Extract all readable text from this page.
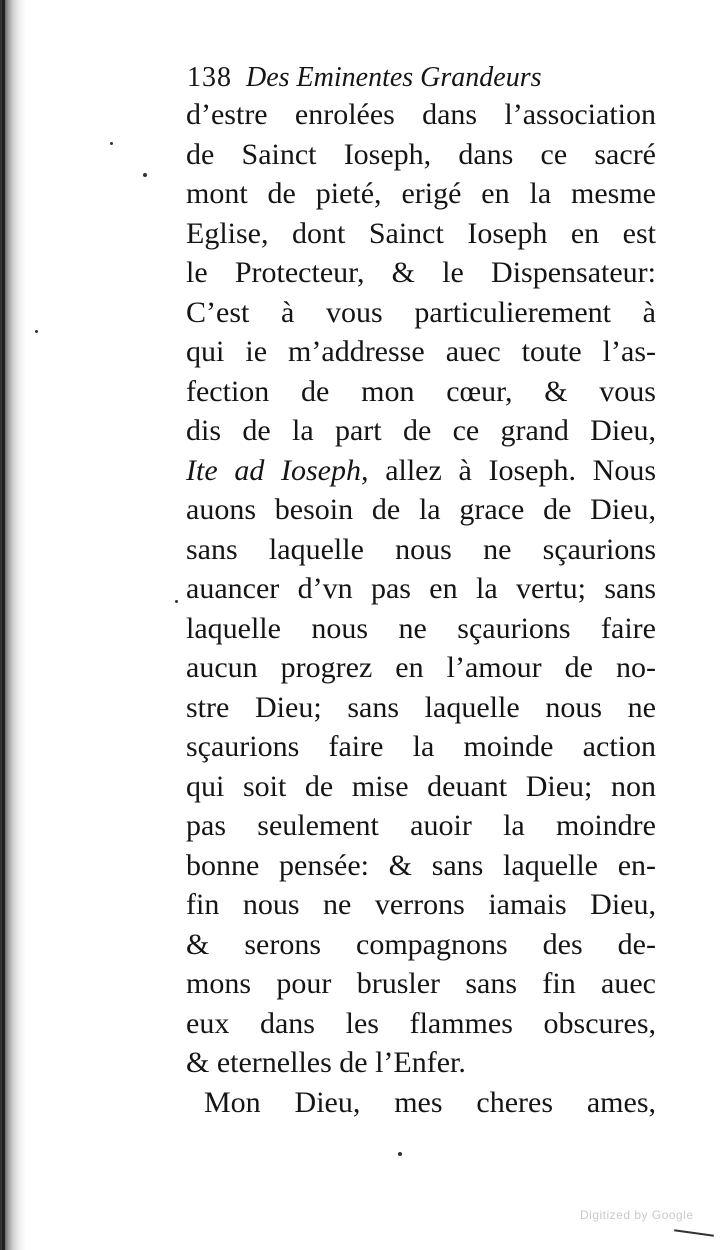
138 Des Eminentes Grandeurs
d’estre enrolées dans l’association
de Sainct Ioseph, dans ce sacré
mont de pieté, erigé en la mesme
Eglise, dont Sainct Ioseph en est
le Protecteur, & le Dispensateur:
C’est à vous particulierement à
qui ie m’addresse auec toute l’as-
fection de mon cœur, & vous
dis de la part de ce grand Dieu,
Ite ad Ioseph, allez à Ioseph. Nous
auons besoin de la grace de Dieu,
sans laquelle nous ne sçaurions
auancer d’vn pas en la vertu; sans
laquelle nous ne sçaurions faire
aucun progrez en l’amour de no-
stre Dieu; sans laquelle nous ne
sçaurions faire la moinde action
qui soit de mise deuant Dieu; non
pas seulement auoir la moindre
bonne pensée: & sans laquelle en-
fin nous ne verrons iamais Dieu,
& serons compagnons des de-
mons pour brusler sans fin auec
eux dans les flammes obscures,
& eternelles de l’Enfer.
Mon Dieu, mes cheres ames,
Digitized by Google
